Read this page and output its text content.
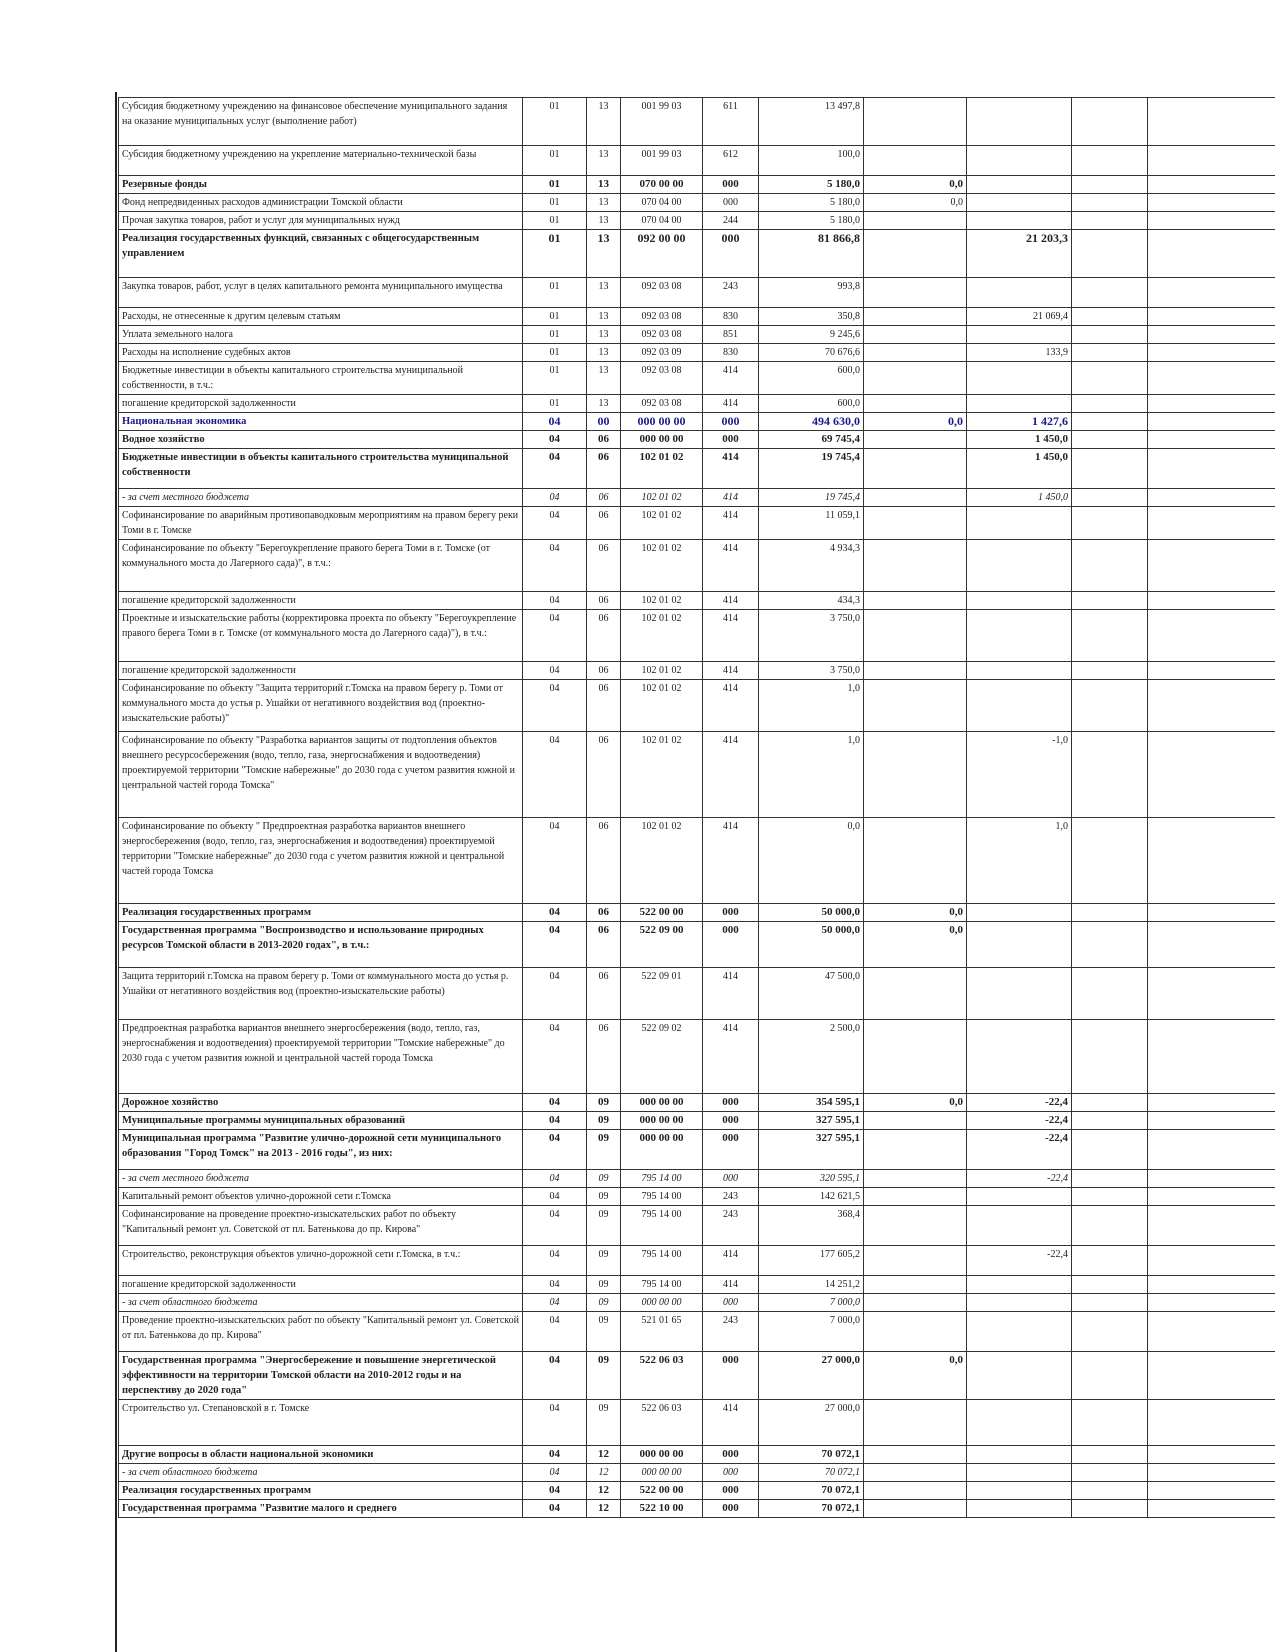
Субсидия бюджетному учреждению на финансовое обеспечение муниципального задания на оказание муниципальных услуг (выполнение работ)	01	13	001 99 03	611	13 497,8				
Субсидия бюджетному учреждению на укрепление материально-технической базы	01	13	001 99 03	612	100,0				
Резервные фонды	01	13	070 00 00	000	5 180,0	0,0			
Фонд непредвиденных расходов администрации Томской области	01	13	070 04 00	000	5 180,0	0,0			
Прочая закупка товаров, работ и услуг для муниципальных нужд	01	13	070 04 00	244	5 180,0				
Реализация государственных функций, связанных с общегосударственным управлением	01	13	092 00 00	000	81 866,8		21 203,3		
Закупка товаров, работ, услуг в целях капитального ремонта муниципального имущества	01	13	092 03 08	243	993,8				
Расходы, не отнесенные к другим целевым статьям	01	13	092 03 08	830	350,8		21 069,4		
Уплата земельного налога	01	13	092 03 08	851	9 245,6				
Расходы на исполнение судебных актов	01	13	092 03 09	830	70 676,6		133,9		
Бюджетные инвестиции в объекты капитального строительства муниципальной собственности, в т.ч.:	01	13	092 03 08	414	600,0				
погашение кредиторской задолженности	01	13	092 03 08	414	600,0				
Национальная экономика	04	00	000 00 00	000	494 630,0	0,0	1 427,6		
Водное хозяйство	04	06	000 00 00	000	69 745,4		1 450,0		
Бюджетные инвестиции в объекты капитального строительства муниципальной собственности	04	06	102 01 02	414	19 745,4		1 450,0		
- за счет местного бюджета	04	06	102 01 02	414	19 745,4		1 450,0		
Софинансирование по аварийным противопаводковым мероприятиям на правом берегу реки Томи в г. Томске	04	06	102 01 02	414	11 059,1				
Софинансирование по объекту "Берегоукрепление правого берега Томи в г. Томске (от коммунального моста до Лагерного сада)", в т.ч.:	04	06	102 01 02	414	4 934,3				
погашение кредиторской задолженности	04	06	102 01 02	414	434,3				
Проектные и изыскательские работы (корректировка проекта по объекту "Берегоукрепление правого берега Томи в г. Томске (от коммунального моста до Лагерного сада)"), в т.ч.:	04	06	102 01 02	414	3 750,0				
погашение кредиторской задолженности	04	06	102 01 02	414	3 750,0				
Софинансирование по объекту "Защита территорий г.Томска на правом берегу р. Томи от коммунального моста до устья р. Ушайки от негативного воздействия вод (проектно-изыскательские работы)"	04	06	102 01 02	414	1,0				
Софинансирование по объекту "Разработка вариантов защиты от подтопления объектов внешнего ресурсосбережения (водо, тепло, газа, энергоснабжения и водоотведения) проектируемой территории "Томские набережные" до 2030 года с учетом развития южной и центральной частей города Томска"	04	06	102 01 02	414	1,0		-1,0		
Софинансирование по объекту " Предпроектная разработка вариантов внешнего энергосбережения (водо, тепло, газ, энергоснабжения и водоотведения) проектируемой территории "Томские набережные" до 2030 года с учетом развития южной и центральной частей города Томска	04	06	102 01 02	414	0,0		1,0		
Реализация государственных программ	04	06	522 00 00	000	50 000,0	0,0			
Государственная программа "Воспроизводство и использование природных ресурсов Томской области в 2013-2020 годах", в т.ч.:	04	06	522 09 00	000	50 000,0	0,0			
Защита территорий г.Томска на правом берегу р. Томи от коммунального моста до устья р. Ушайки от негативного воздействия вод (проектно-изыскательские работы)	04	06	522 09 01	414	47 500,0				
Предпроектная разработка вариантов внешнего энергосбережения (водо, тепло, газ, энергоснабжения и водоотведения) проектируемой территории "Томские набережные" до 2030 года с учетом развития южной и центральной частей города Томска	04	06	522 09 02	414	2 500,0				
Дорожное хозяйство	04	09	000 00 00	000	354 595,1	0,0	-22,4		
Муниципальные программы муниципальных образований	04	09	000 00 00	000	327 595,1		-22,4		
Муниципальная программа "Развитие улично-дорожной сети муниципального образования "Город Томск" на 2013 - 2016 годы", из них:	04	09	000 00 00	000	327 595,1		-22,4		
- за счет местного бюджета	04	09	795 14 00	000	320 595,1		-22,4		
Капитальный ремонт объектов улично-дорожной сети г.Томска	04	09	795 14 00	243	142 621,5				
Софинансирование на проведение проектно-изыскательских работ по объекту "Капитальный ремонт ул. Советской от пл. Батенькова до пр. Кирова"	04	09	795 14 00	243	368,4				
Строительство, реконструкция объектов улично-дорожной сети г.Томска, в т.ч.:	04	09	795 14 00	414	177 605,2		-22,4		
погашение кредиторской задолженности	04	09	795 14 00	414	14 251,2				
- за счет областного бюджета	04	09	000 00 00	000	7 000,0				
Проведение проектно-изыскательских работ по объекту "Капитальный ремонт ул. Советской от пл. Батенькова до пр. Кирова"	04	09	521 01 65	243	7 000,0				
Государственная программа "Энергосбережение и повышение энергетической эффективности на территории Томской области на 2010-2012 годы и на перспективу до 2020 года"	04	09	522 06 03	000	27 000,0	0,0			
Строительство ул. Степановской в г. Томске	04	09	522 06 03	414	27 000,0				
Другие вопросы в области национальной экономики	04	12	000 00 00	000	70 072,1				
- за счет областного бюджета	04	12	000 00 00	000	70 072,1				
Реализация государственных программ	04	12	522 00 00	000	70 072,1				
Государственная программа "Развитие малого и среднего	04	12	522 10 00	000	70 072,1				
